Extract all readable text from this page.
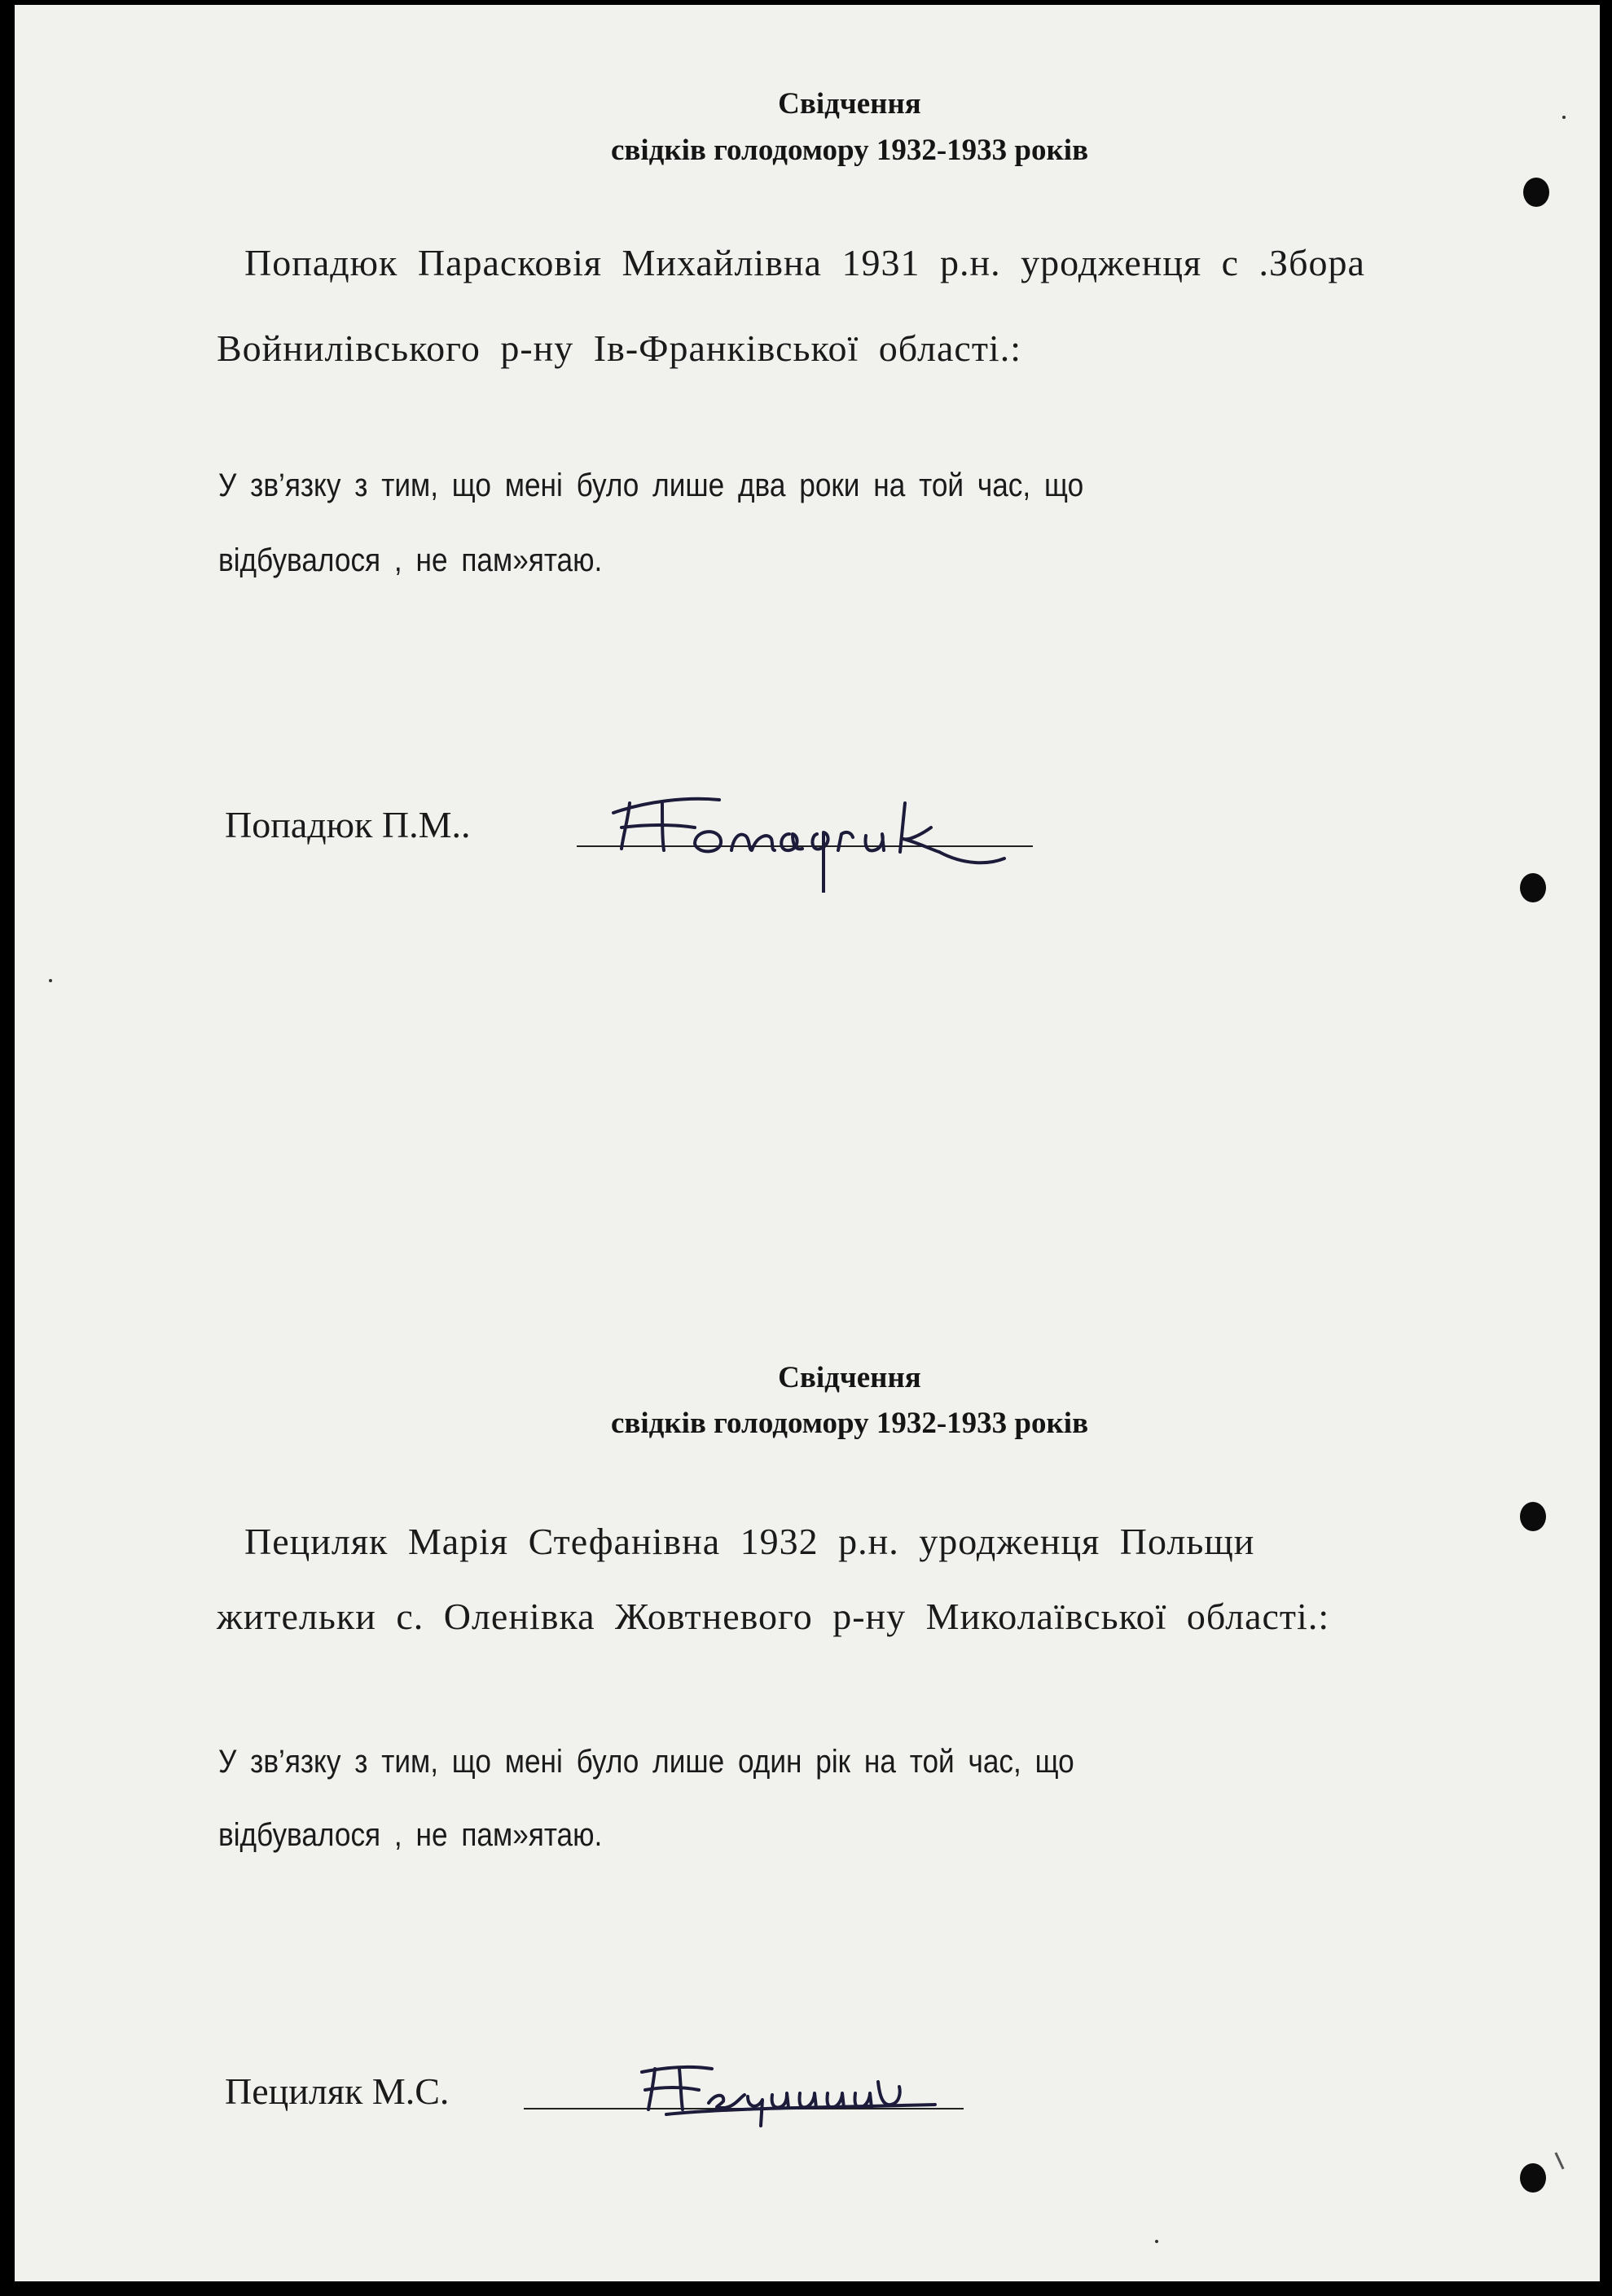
Свідчення
свідків голодомору 1932-1933 років
Попадюк Парасковія Михайлівна 1931 р.н. уродженця с .Збора
Войнилівського р-ну Ів-Франківської області.:
У зв’язку з тим, що мені було лише два роки на той час, що
відбувалося , не пам»ятаю.
Попадюк П.М..
Свідчення
свідків голодомору 1932-1933 років
Пециляк Марія Стефанівна 1932 р.н. уродженця Польщи
жительки с. Оленівка Жовтневого р-ну Миколаївської області.:
У зв’язку з тим, що мені було лише один рік на той час, що
відбувалося , не пам»ятаю.
Пециляк М.С.
